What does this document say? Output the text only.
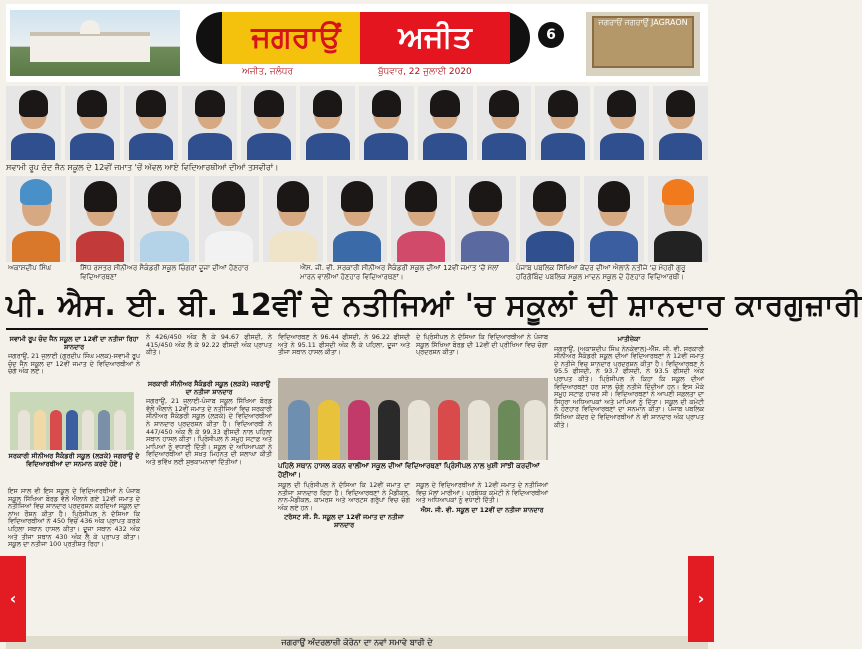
ਜਗਰਾਉਂ	ਅਜੀਤ
ਅਜੀਤ, ਜਲੰਧਰ	ਬੁੱਧਵਾਰ, 22 ਜੁਲਾਈ 2020
6
ਜਗਰਾਓਂ ਜਗਰਾਉਂ JAGRAON
ਸਵਾਮੀ ਰੂਪ ਚੰਦ ਜੈਨ ਸਕੂਲ ਦੇ 12ਵੀਂ ਜਮਾਤ 'ਚੋਂ ਅੱਵਲ ਆਏ ਵਿਦਿਆਰਥੀਆਂ ਦੀਆਂ ਤਸਵੀਰਾਂ।
ਅਕਾਸ਼ਦੀਪ ਸਿੰਘ	ਸਿੱਧ ਰਸਤਰ ਸੀਨੀਅਰ ਸੈਕੰਡਰੀ ਸਕੂਲ ਚਿੰਗਰਾਂ ਦੂਜਾ ਦੀਆਂ ਹੋਣਹਾਰ ਵਿਦਿਆਰਥਣਾਂ
ਐੱਸ. ਜੀ. ਵੀ. ਸਰਕਾਰੀ ਸੀਨੀਅਰ ਸੈਕੰਡਰੀ ਸਕੂਲ ਦੀਆਂ 12ਵੀਂ ਜਮਾਤ 'ਚੋਂ ਮੱਲਾਂ ਮਾਰਨ ਵਾਲੀਆਂ ਹੋਣਹਾਰ ਵਿਦਿਆਰਥਣਾਂ।
ਪੰਜਾਬ ਪਬਲਿਕ ਸਿੱਖਿਆ ਕੇਂਦਰ ਦੀਆਂ ਐਲਾਨੇ ਨਤੀਜੇ 'ਚ ਮੋਹਰੀ ਗੁਰੂ ਹਰਿਗੋਬਿੰਦ ਪਬਲਿਕ ਸਕੂਲ ਮਾਦਨ ਸਕੂਲ ਦੇ ਹੋਣਹਾਰ ਵਿਦਿਆਰਥੀ।
ਪੀ. ਐਸ. ਈ. ਬੀ. 12ਵੀਂ ਦੇ ਨਤੀਜਿਆਂ 'ਚ ਸਕੂਲਾਂ ਦੀ ਸ਼ਾਨਦਾਰ ਕਾਰਗੁਜ਼ਾਰੀ
ਸਵਾਮੀ ਰੂਪ ਚੰਦ ਜੈਨ ਸਕੂਲ ਦਾ 12ਵੀਂ ਦਾ ਨਤੀਜਾ ਰਿਹਾ ਸ਼ਾਨਦਾਰ
ਜਗਰਾਉਂ, 21 ਜੁਲਾਈ (ਗੁਰਦੀਪ ਸਿੰਘ ਮਲਕ)-ਸਵਾਮੀ ਰੂਪ ਚੰਦ ਜੈਨ ਸਕੂਲ ਦਾ 12ਵੀਂ ਜਮਾਤ ਦੇ ਵਿਦਿਆਰਥੀਆਂ ਨੇ ਚੰਗੇ ਅੰਕ ਲਏ।
ਸਰਕਾਰੀ ਸੀਨੀਅਰ ਸੈਕੰਡਰੀ ਸਕੂਲ (ਲੜਕੇ) ਜਗਰਾਉਂ ਦੇ ਵਿਦਿਆਰਥੀਆਂ ਦਾ ਸਨਮਾਨ ਕਰਦੇ ਹੋਏ।
ਇਸ ਸਾਲ ਵੀ ਇਸ ਸਕੂਲ ਦੇ ਵਿਦਿਆਰਥੀਆਂ ਨੇ ਪੰਜਾਬ ਸਕੂਲ ਸਿੱਖਿਆ ਬੋਰਡ ਵੱਲੋਂ ਐਲਾਨੇ ਗਏ 12ਵੀਂ ਜਮਾਤ ਦੇ ਨਤੀਜਿਆਂ ਵਿਚ ਸ਼ਾਨਦਾਰ ਪ੍ਰਦਰਸ਼ਨ ਕਰਦਿਆਂ ਸਕੂਲ ਦਾ ਨਾਂਅ ਰੌਸ਼ਨ ਕੀਤਾ ਹੈ। ਪ੍ਰਿੰਸੀਪਲ ਨੇ ਦੱਸਿਆ ਕਿ ਵਿਦਿਆਰਥੀਆਂ ਨੇ 450 ਵਿਚੋਂ 436 ਅੰਕ ਪ੍ਰਾਪਤ ਕਰਕੇ ਪਹਿਲਾ ਸਥਾਨ ਹਾਸਲ ਕੀਤਾ। ਦੂਜਾ ਸਥਾਨ 432 ਅੰਕ ਅਤੇ ਤੀਜਾ ਸਥਾਨ 430 ਅੰਕ ਲੈ ਕੇ ਪ੍ਰਾਪਤ ਕੀਤਾ। ਸਕੂਲ ਦਾ ਨਤੀਜਾ 100 ਪ੍ਰਤੀਸ਼ਤ ਰਿਹਾ।
ਨੇ 426/450 ਅੰਕ ਲੈ ਕੇ 94.67 ਫੀਸਦੀ, ਨੇ 415/450 ਅੰਕ ਲੈ ਕੇ 92.22 ਫੀਸਦੀ ਅੰਕ ਪ੍ਰਾਪਤ ਕੀਤੇ।
ਸਰਕਾਰੀ ਸੀਨੀਅਰ ਸੈਕੰਡਰੀ ਸਕੂਲ (ਲੜਕੇ) ਜਗਰਾਉਂ ਦਾ ਨਤੀਜਾ ਸ਼ਾਨਦਾਰ
ਜਗਰਾਉਂ, 21 ਜੁਲਾਈ-ਪੰਜਾਬ ਸਕੂਲ ਸਿੱਖਿਆ ਬੋਰਡ ਵੱਲੋਂ ਐਲਾਨੇ 12ਵੀਂ ਜਮਾਤ ਦੇ ਨਤੀਜਿਆਂ ਵਿਚ ਸਰਕਾਰੀ ਸੀਨੀਅਰ ਸੈਕੰਡਰੀ ਸਕੂਲ (ਲੜਕੇ) ਦੇ ਵਿਦਿਆਰਥੀਆਂ ਨੇ ਸ਼ਾਨਦਾਰ ਪ੍ਰਦਰਸ਼ਨ ਕੀਤਾ ਹੈ। ਵਿਦਿਆਰਥੀ ਨੇ 447/450 ਅੰਕ ਲੈ ਕੇ 99.33 ਫੀਸਦੀ ਨਾਲ ਪਹਿਲਾ ਸਥਾਨ ਹਾਸਲ ਕੀਤਾ। ਪ੍ਰਿੰਸੀਪਲ ਨੇ ਸਮੂਹ ਸਟਾਫ਼ ਅਤੇ ਮਾਪਿਆਂ ਨੂੰ ਵਧਾਈ ਦਿੱਤੀ। ਸਕੂਲ ਦੇ ਅਧਿਆਪਕਾਂ ਨੇ ਵਿਦਿਆਰਥੀਆਂ ਦੀ ਸਖ਼ਤ ਮਿਹਨਤ ਦੀ ਸ਼ਲਾਘਾ ਕੀਤੀ ਅਤੇ ਭਵਿੱਖ ਲਈ ਸ਼ੁਭਕਾਮਨਾਵਾਂ ਦਿੱਤੀਆਂ।
ਵਿਦਿਆਰਥਣ ਨੇ 96.44 ਫੀਸਦੀ, ਨੇ 96.22 ਫੀਸਦੀ ਅਤੇ ਨੇ 95.11 ਫੀਸਦੀ ਅੰਕ ਲੈ ਕੇ ਪਹਿਲਾ, ਦੂਜਾ ਅਤੇ ਤੀਜਾ ਸਥਾਨ ਹਾਸਲ ਕੀਤਾ।
ਦੇ ਪ੍ਰਿੰਸੀਪਲ ਨੇ ਦੱਸਿਆ ਕਿ ਵਿਦਿਆਰਥੀਆਂ ਨੇ ਪੰਜਾਬ ਸਕੂਲ ਸਿੱਖਿਆ ਬੋਰਡ ਦੀ 12ਵੀਂ ਦੀ ਪ੍ਰੀਖਿਆ ਵਿਚ ਚੰਗਾ ਪ੍ਰਦਰਸ਼ਨ ਕੀਤਾ।
ਪਹਿਲੇ ਸਥਾਨ ਹਾਸਲ ਕਰਨ ਵਾਲੀਆਂ ਸਕੂਲ ਦੀਆਂ ਵਿਦਿਆਰਥਣਾਂ ਪ੍ਰਿੰਸੀਪਲ ਨਾਲ ਖੁਸ਼ੀ ਸਾਂਝੀ ਕਰਦੀਆਂ ਹੋਈਆਂ।
ਸਕੂਲ ਦੀ ਪ੍ਰਿੰਸੀਪਲ ਨੇ ਦੱਸਿਆ ਕਿ 12ਵੀਂ ਜਮਾਤ ਦਾ ਨਤੀਜਾ ਸ਼ਾਨਦਾਰ ਰਿਹਾ ਹੈ। ਵਿਦਿਆਰਥਣਾਂ ਨੇ ਮੈਡੀਕਲ, ਨਾਨ-ਮੈਡੀਕਲ, ਕਾਮਰਸ ਅਤੇ ਆਰਟਸ ਗਰੁੱਪਾਂ ਵਿਚ ਚੰਗੇ ਅੰਕ ਲਏ ਹਨ।
ਟਰੱਸਟ ਸੀ. ਸੈ. ਸਕੂਲ ਦਾ 12ਵੀਂ ਜਮਾਤ ਦਾ ਨਤੀਜਾ ਸ਼ਾਨਦਾਰ
ਸਕੂਲ ਦੇ ਵਿਦਿਆਰਥੀਆਂ ਨੇ 12ਵੀਂ ਜਮਾਤ ਦੇ ਨਤੀਜਿਆਂ ਵਿਚ ਮੱਲਾਂ ਮਾਰੀਆਂ। ਪ੍ਰਬੰਧਕ ਕਮੇਟੀ ਨੇ ਵਿਦਿਆਰਥੀਆਂ ਅਤੇ ਅਧਿਆਪਕਾਂ ਨੂੰ ਵਧਾਈ ਦਿੱਤੀ।
ਐਸ. ਜੀ. ਵੀ. ਸਕੂਲ ਦਾ 12ਵੀਂ ਦਾ ਨਤੀਜਾ ਸ਼ਾਨਦਾਰ
ਮਾਤੀਜ਼ੇਕਾ
ਜਗਰਾਉਂ, (ਅਕਾਸ਼ਦੀਪ ਸਿੰਘ ਨੇਨਕੇਵਾਲ)-ਐੱਸ. ਜੀ. ਵੀ. ਸਰਕਾਰੀ ਸੀਨੀਅਰ ਸੈਕੰਡਰੀ ਸਕੂਲ ਦੀਆਂ ਵਿਦਿਆਰਥਣਾਂ ਨੇ 12ਵੀਂ ਜਮਾਤ ਦੇ ਨਤੀਜੇ ਵਿਚ ਸ਼ਾਨਦਾਰ ਪ੍ਰਦਰਸ਼ਨ ਕੀਤਾ ਹੈ। ਵਿਦਿਆਰਥਣ ਨੇ 95.5 ਫੀਸਦੀ, ਨੇ 93.7 ਫੀਸਦੀ, ਨੇ 93.5 ਫੀਸਦੀ ਅੰਕ ਪ੍ਰਾਪਤ ਕੀਤੇ। ਪ੍ਰਿੰਸੀਪਲ ਨੇ ਕਿਹਾ ਕਿ ਸਕੂਲ ਦੀਆਂ ਵਿਦਿਆਰਥਣਾਂ ਹਰ ਸਾਲ ਚੰਗੇ ਨਤੀਜੇ ਦਿੰਦੀਆਂ ਹਨ। ਇਸ ਮੌਕੇ ਸਮੂਹ ਸਟਾਫ਼ ਹਾਜ਼ਰ ਸੀ। ਵਿਦਿਆਰਥਣਾਂ ਨੇ ਆਪਣੀ ਸਫ਼ਲਤਾ ਦਾ ਸਿਹਰਾ ਅਧਿਆਪਕਾਂ ਅਤੇ ਮਾਪਿਆਂ ਨੂੰ ਦਿੱਤਾ। ਸਕੂਲ ਦੀ ਕਮੇਟੀ ਨੇ ਹੋਣਹਾਰ ਵਿਦਿਆਰਥਣਾਂ ਦਾ ਸਨਮਾਨ ਕੀਤਾ। ਪੰਜਾਬ ਪਬਲਿਕ ਸਿੱਖਿਆ ਕੇਂਦਰ ਦੇ ਵਿਦਿਆਰਥੀਆਂ ਨੇ ਵੀ ਸ਼ਾਨਦਾਰ ਅੰਕ ਪ੍ਰਾਪਤ ਕੀਤੇ।
ਜਗਰਾਉਂ ਅੰਦਰਲਾਜ਼ੀ ਕੋਰੋਨਾ ਦਾ ਨਵਾਂ ਸਮਾਵੇ ਬਾਰੀ ਦੇ
‹	›
